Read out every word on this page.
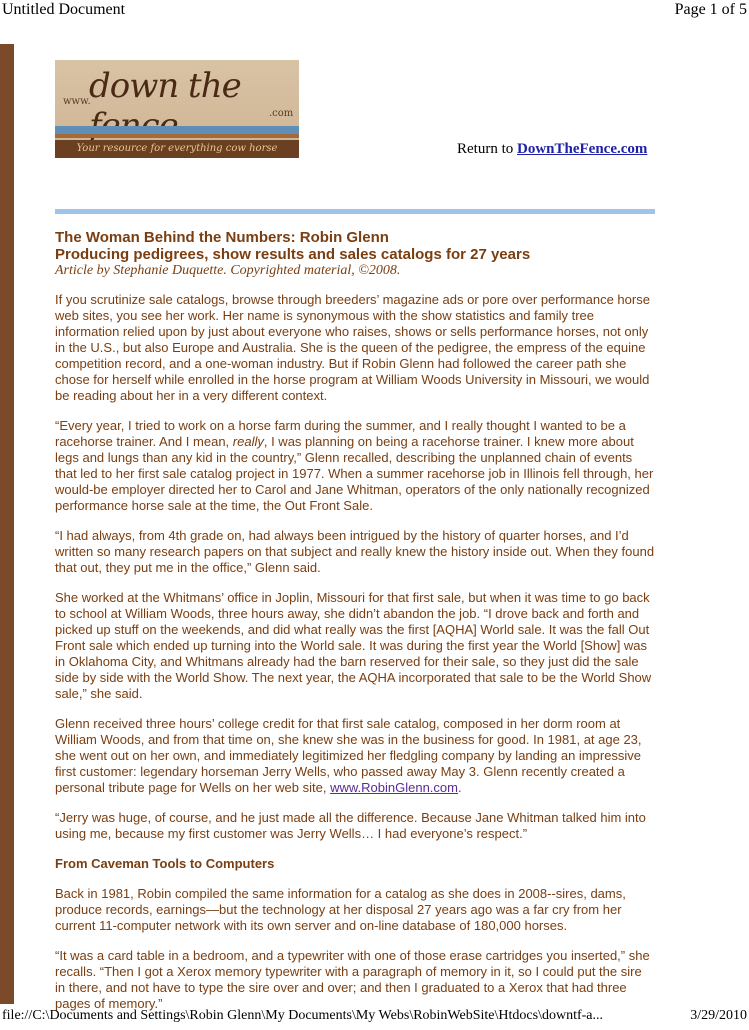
Untitled Document	Page 1 of 5
www.
down the
.com
Your resource for everything cow horse	Return to DownTheFence.com

The Woman Behind the Numbers: Robin Glenn

Producing pedigrees, show results and sales catalogs for 27 years

Article by Stephanie Duquette. Copyrighted material, ©2008.

If you scrutinize sale catalogs, browse through breeders’ magazine ads or pore over performance horse web sites, you see her work. Her name is synonymous with the show statistics and family tree information relied upon by just about everyone who raises, shows or sells performance horses, not only in the U.S., but also Europe and Australia. She is the queen of the pedigree, the empress of the equine competition record, and a one-woman industry. But if Robin Glenn had followed the career path she chose for herself while enrolled in the horse program at William Woods University in Missouri, we would be reading about her in a very different context.

“Every year, I tried to work on a horse farm during the summer, and I really thought I wanted to be a racehorse trainer. And I mean, really, I was planning on being a racehorse trainer. I knew more about legs and lungs than any kid in the country,” Glenn recalled, describing the unplanned chain of events that led to her first sale catalog project in 1977. When a summer racehorse job in Illinois fell through, her would-be employer directed her to Carol and Jane Whitman, operators of the only nationally recognized performance horse sale at the time, the Out Front Sale.

“I had always, from 4th grade on, had always been intrigued by the history of quarter horses, and I’d written so many research papers on that subject and really knew the history inside out. When they found that out, they put me in the office,” Glenn said.

She worked at the Whitmans’ office in Joplin, Missouri for that first sale, but when it was time to go back to school at William Woods, three hours away, she didn’t abandon the job. “I drove back and forth and picked up stuff on the weekends, and did what really was the first [AQHA] World sale. It was the fall Out Front sale which ended up turning into the World sale. It was during the first year the World [Show] was in Oklahoma City, and Whitmans already had the barn reserved for their sale, so they just did the sale side by side with the World Show. The next year, the AQHA incorporated that sale to be the World Show sale,” she said.

Glenn received three hours’ college credit for that first sale catalog, composed in her dorm room at William Woods, and from that time on, she knew she was in the business for good. In 1981, at age 23, she went out on her own, and immediately legitimized her fledgling company by landing an impressive first customer: legendary horseman Jerry Wells, who passed away May 3. Glenn recently created a personal tribute page for Wells on her web site, www.RobinGlenn.com.

“Jerry was huge, of course, and he just made all the difference. Because Jane Whitman talked him into using me, because my first customer was Jerry Wells… I had everyone’s respect.”

From Caveman Tools to Computers

Back in 1981, Robin compiled the same information for a catalog as she does in 2008--sires, dams, produce records, earnings—but the technology at her disposal 27 years ago was a far cry from her current 11-computer network with its own server and on-line database of 180,000 horses.

“It was a card table in a bedroom, and a typewriter with one of those erase cartridges you inserted,” she recalls. “Then I got a Xerox memory typewriter with a paragraph of memory in it, so I could put the sire in there, and not have to type the sire over and over; and then I graduated to a Xerox that had three pages of memory.”

file://C:\Documents and Settings\Robin Glenn\My Documents\My Webs\RobinWebSite\Htdocs\downtf-a...	3/29/2010
